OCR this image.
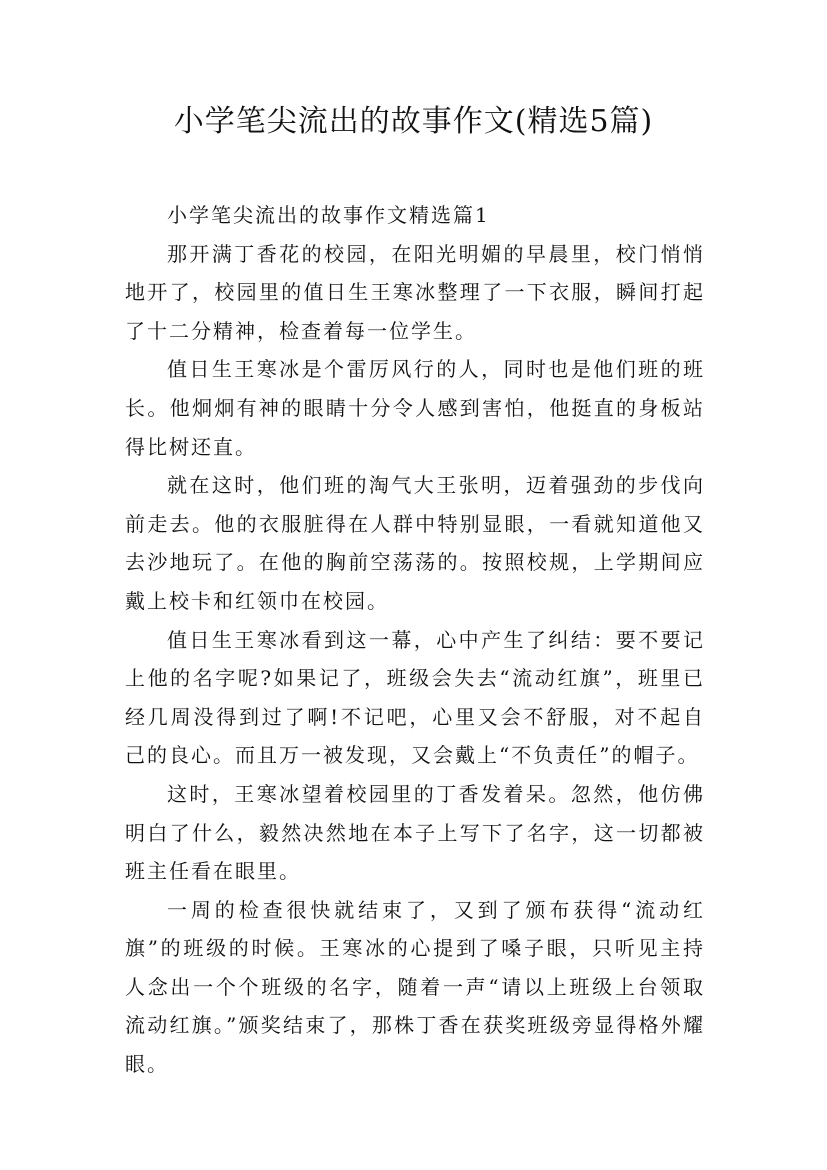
小学笔尖流出的故事作文(精选5篇)

小学笔尖流出的故事作文精选篇1

那开满丁香花的校园，在阳光明媚的早晨里，校门悄悄地开了，校园里的值日生王寒冰整理了一下衣服，瞬间打起了十二分精神，检查着每一位学生。

值日生王寒冰是个雷厉风行的人，同时也是他们班的班长。他炯炯有神的眼睛十分令人感到害怕，他挺直的身板站得比树还直。

就在这时，他们班的淘气大王张明，迈着强劲的步伐向前走去。他的衣服脏得在人群中特别显眼，一看就知道他又去沙地玩了。在他的胸前空荡荡的。按照校规，上学期间应戴上校卡和红领巾在校园。

值日生王寒冰看到这一幕，心中产生了纠结：要不要记上他的名字呢?如果记了，班级会失去“流动红旗”，班里已经几周没得到过了啊!不记吧，心里又会不舒服，对不起自己的良心。而且万一被发现，又会戴上“不负责任”的帽子。

这时，王寒冰望着校园里的丁香发着呆。忽然，他仿佛明白了什么，毅然决然地在本子上写下了名字，这一切都被班主任看在眼里。

一周的检查很快就结束了，又到了颁布获得“流动红旗”的班级的时候。王寒冰的心提到了嗓子眼，只听见主持人念出一个个班级的名字，随着一声“请以上班级上台领取流动红旗。”颁奖结束了，那株丁香在获奖班级旁显得格外耀眼。
